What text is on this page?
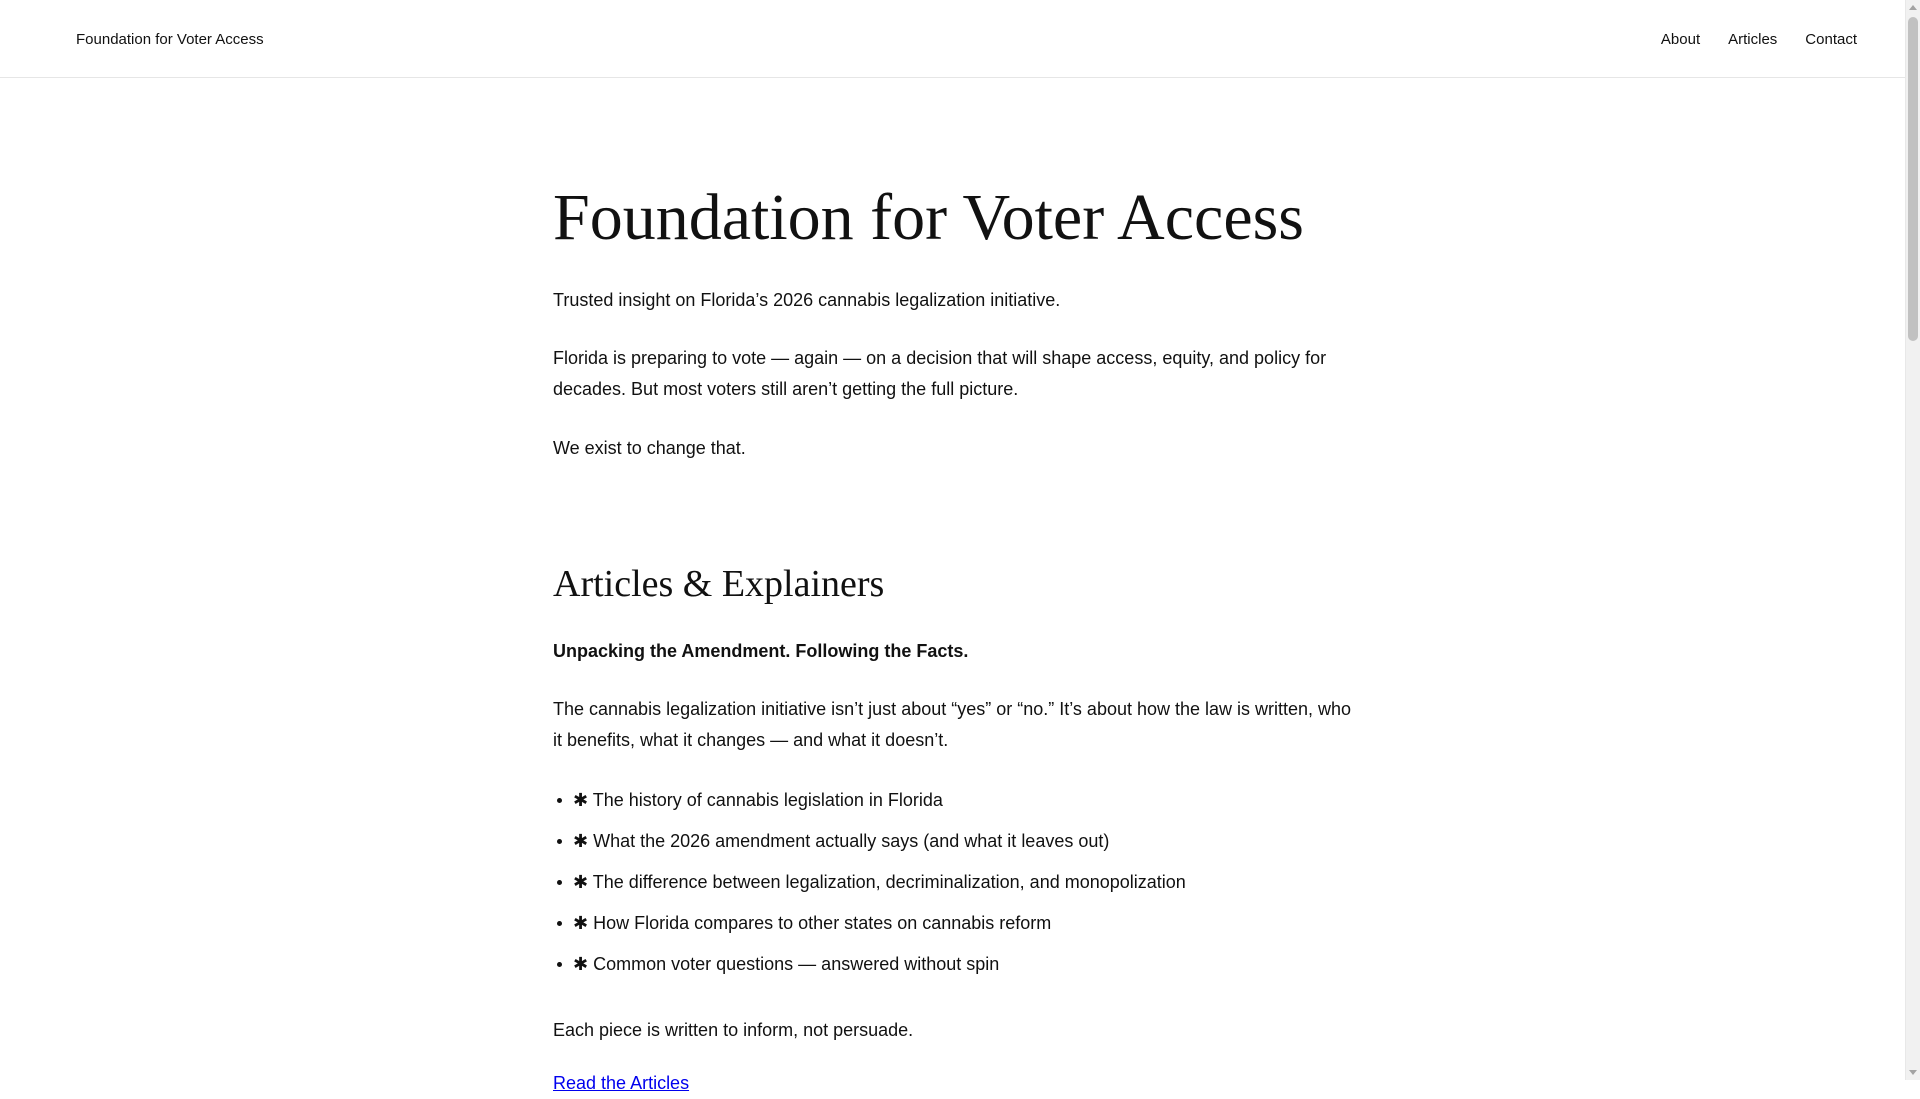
Foundation for Voter Access	About Articles Contact
Foundation for Voter Access

Trusted insight on Florida’s 2026 cannabis legalization initiative.

Florida is preparing to vote — again — on a decision that will shape access, equity, and policy for decades. But most voters still aren’t getting the full picture.

We exist to change that.

Articles & Explainers

Unpacking the Amendment. Following the Facts.

The cannabis legalization initiative isn’t just about “yes” or “no.” It’s about how the law is written, who it benefits, what it changes — and what it doesn’t.

✱ The history of cannabis legislation in Florida
✱ What the 2026 amendment actually says (and what it leaves out)
✱ The difference between legalization, decriminalization, and monopolization
✱ How Florida compares to other states on cannabis reform
✱ Common voter questions — answered without spin

Each piece is written to inform, not persuade.

Read the Articles
